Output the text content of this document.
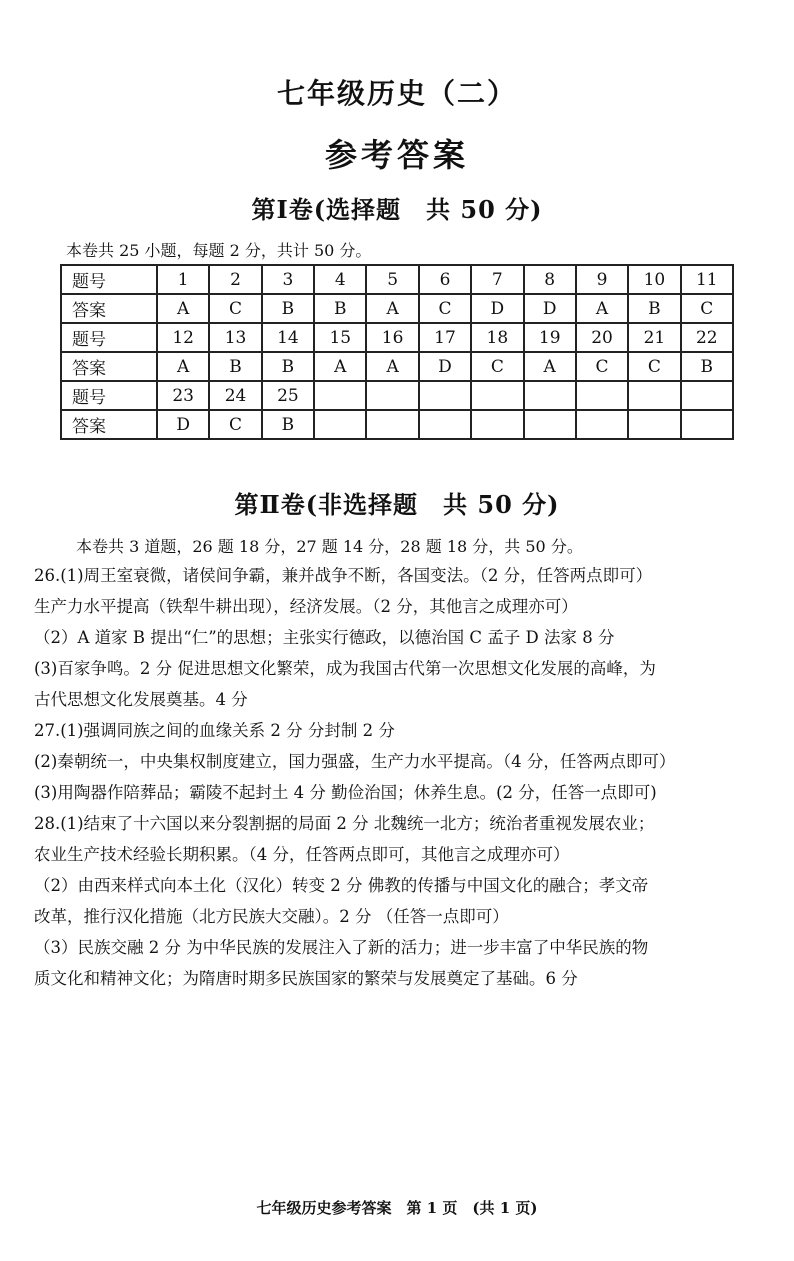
七年级历史（二）
参考答案
第Ⅰ卷(选择题　共 50 分)
本卷共 25 小题，每题 2 分，共计 50 分。
题号	1	2	3	4	5	6	7	8	9	10	11
答案	A	C	B	B	A	C	D	D	A	B	C
题号	12	13	14	15	16	17	18	19	20	21	22
答案	A	B	B	A	A	D	C	A	C	C	B
题号	23	24	25								
答案	D	C	B								
第Ⅱ卷(非选择题　共 50 分)
本卷共 3 道题，26 题 18 分，27 题 14 分，28 题 18 分，共 50 分。
26.(1)周王室衰微，诸侯间争霸，兼并战争不断，各国变法。（2 分，任答两点即可）
生产力水平提高（铁犁牛耕出现），经济发展。（2 分，其他言之成理亦可）
（2）A 道家 B 提出“仁”的思想；主张实行德政，以德治国 C 孟子 D 法家 8 分
(3)百家争鸣。2 分 促进思想文化繁荣，成为我国古代第一次思想文化发展的高峰，为
古代思想文化发展奠基。4 分
27.(1)强调同族之间的血缘关系 2 分 分封制 2 分
(2)秦朝统一，中央集权制度建立，国力强盛，生产力水平提高。（4 分，任答两点即可）
(3)用陶器作陪葬品；霸陵不起封土 4 分 勤俭治国；休养生息。(2 分，任答一点即可)
28.(1)结束了十六国以来分裂割据的局面 2 分 北魏统一北方；统治者重视发展农业；
农业生产技术经验长期积累。（4 分，任答两点即可，其他言之成理亦可）
（2）由西来样式向本土化（汉化）转变 2 分 佛教的传播与中国文化的融合；孝文帝
改革，推行汉化措施（北方民族大交融）。2 分 （任答一点即可）
（3）民族交融 2 分 为中华民族的发展注入了新的活力；进一步丰富了中华民族的物
质文化和精神文化；为隋唐时期多民族国家的繁荣与发展奠定了基础。6 分
七年级历史参考答案　第 1 页　(共 1 页)
